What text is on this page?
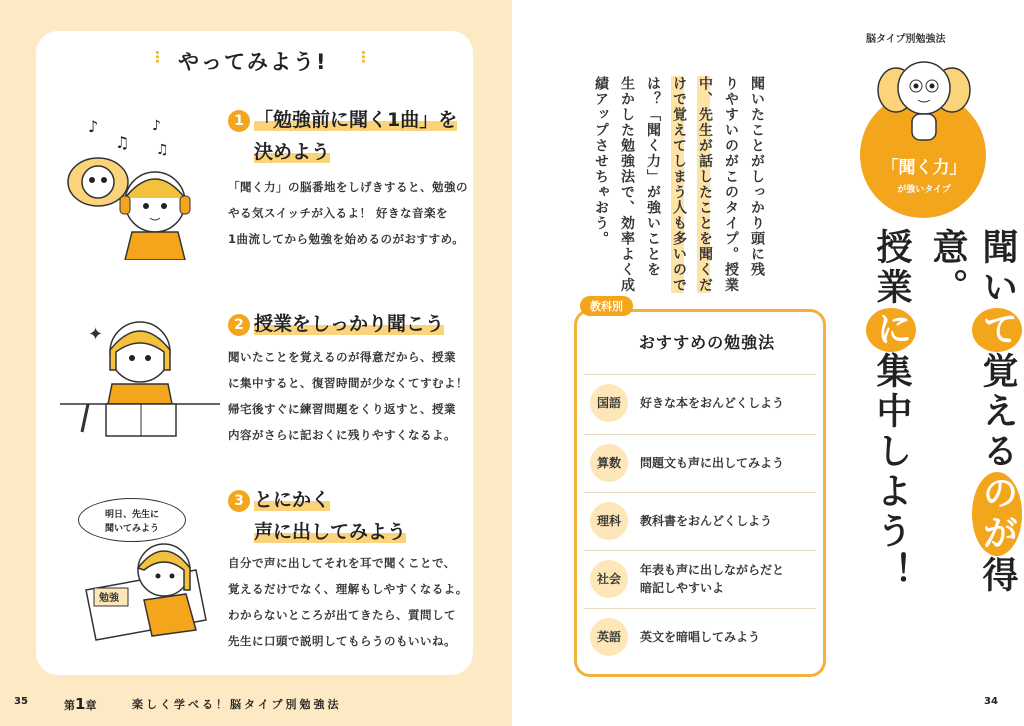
⋮	⋮
やってみよう!
♪
♫
♪
♫
1 「勉強前に聞く1曲」を
決めよう
「聞く力」の脳番地をしげきすると、勉強の
やる気スイッチが入るよ！ 好きな音楽を
1曲流してから勉強を始めるのがおすすめ。
✦	2 授業をしっかり聞こう
聞いたことを覚えるのが得意だから、授業
に集中すると、復習時間が少なくてすむよ！
帰宅後すぐに練習問題をくり返すと、授業
内容がさらに記おくに残りやすくなるよ。
明日、先生に
聞いてみよう
勉強
3 とにかく
声に出してみよう
自分で声に出してそれを耳で聞くことで、
覚えるだけでなく、理解もしやすくなるよ。
わからないところが出てきたら、質問して
先生に口頭で説明してもらうのもいいね。
35	第1章	楽しく学べる！脳タイプ別勉強法
聞いたことがしっかり頭に残
りやすいのがこのタイプ。授業
中、先生が話したことを聞くだ
けで覚えてしまう人も多いので
は？「聞く力」が強いことを
生かした勉強法で、効率よく成
績アップさせちゃおう。
脳タイプ別勉強法
「聞く力」
が強いタイプ
聞いて覚えるのが得意。
授業に集中しよう！
教科別
おすすめの勉強法
国語	好きな本をおんどくしよう
算数	問題文も声に出してみよう
理科	教科書をおんどくしよう
社会
年表も声に出しながらだと
暗記しやすいよ
英語	英文を暗唱してみよう
34
